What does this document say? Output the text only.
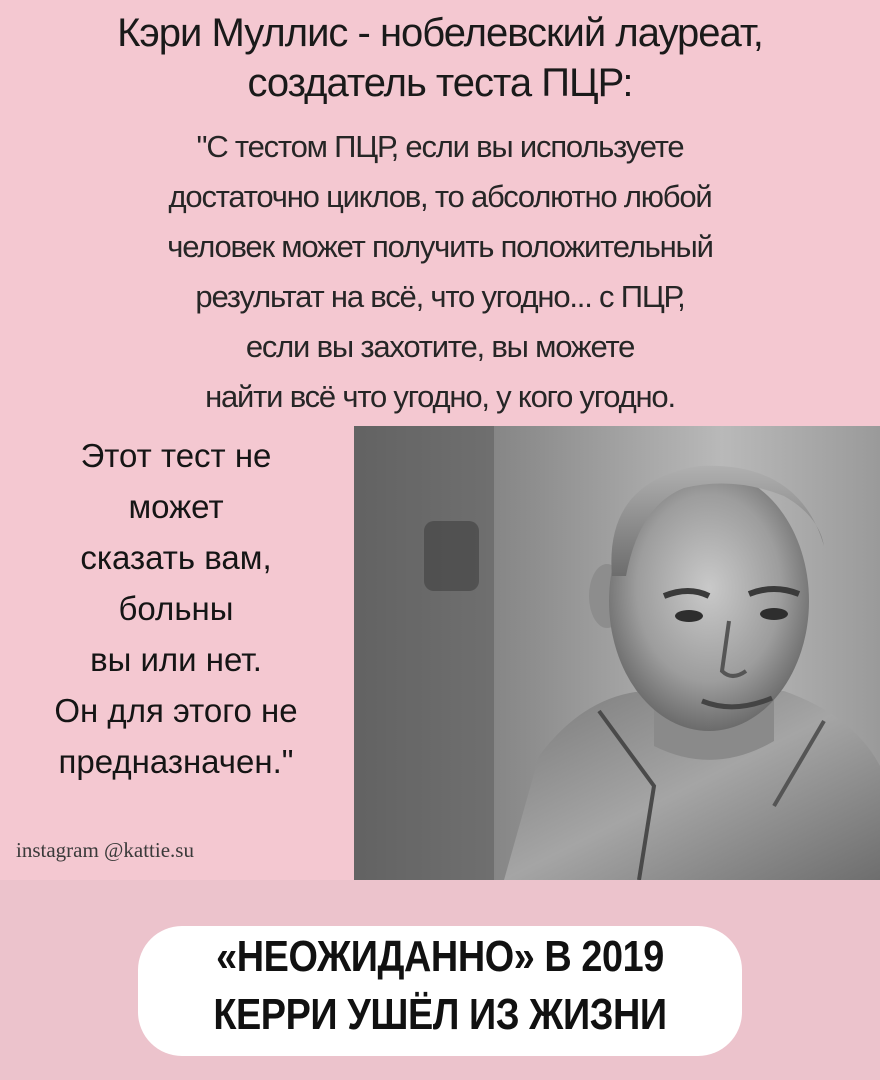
Кэри Муллис - нобелевский лауреат,
создатель теста ПЦР:
"С тестом ПЦР, если вы используете
достаточно циклов, то абсолютно любой
человек может получить положительный
результат на всё, что угодно... с ПЦР,
если вы захотите, вы можете
найти всё что угодно, у кого угодно.
Этот тест не
может
сказать вам,
больны
вы или нет.
Он для этого не
предназначен."
instagram @kattie.su
«НЕОЖИДАННО» В 2019
КЕРРИ УШЁЛ ИЗ ЖИЗНИ
